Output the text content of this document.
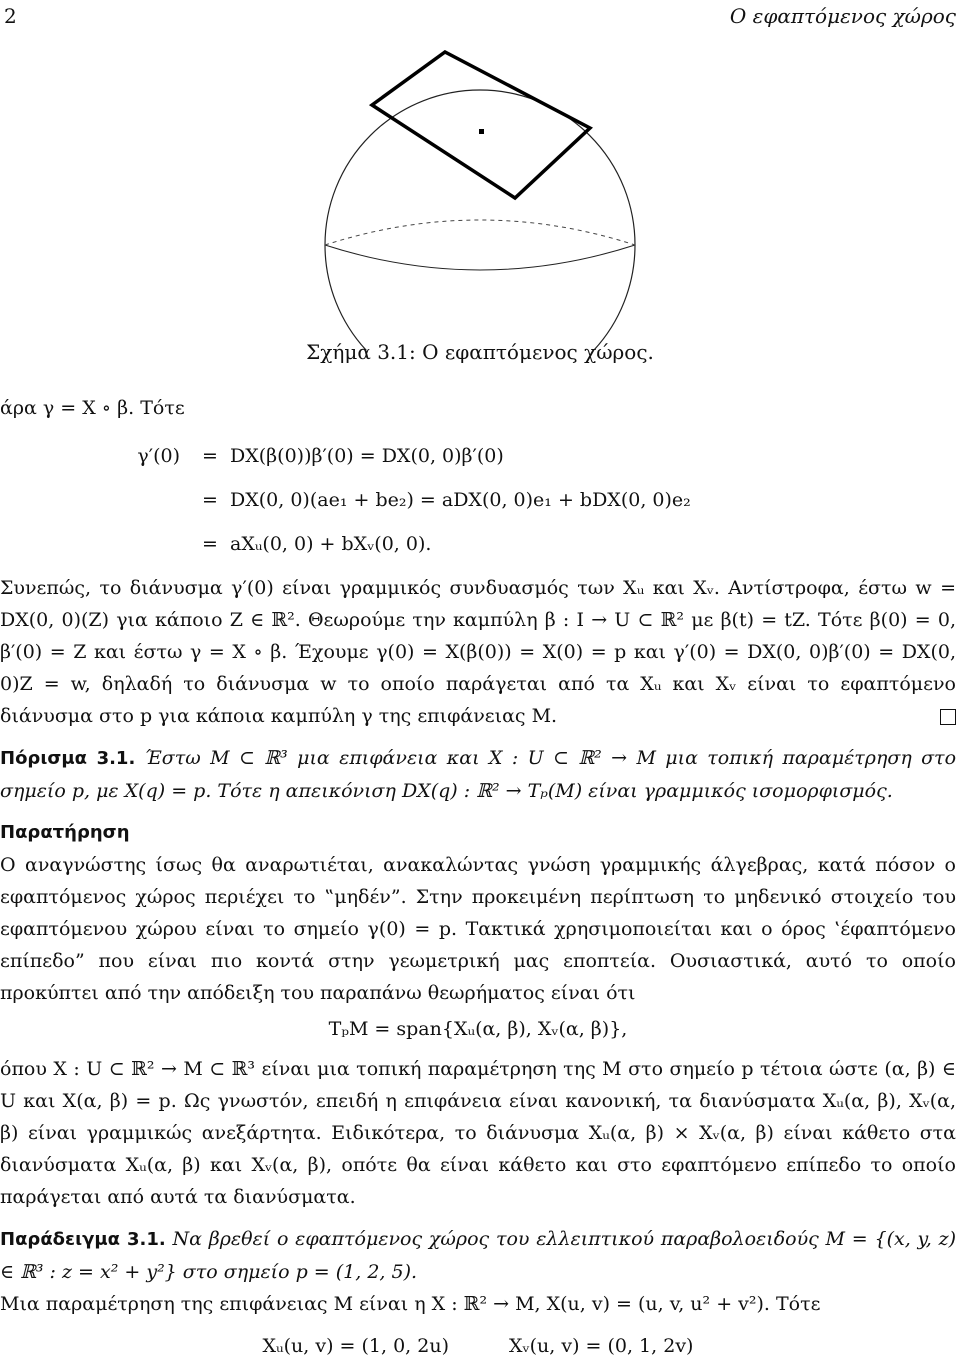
2	Ο εφαπτόμενος χώρος
Σχήμα 3.1: Ο εφαπτόμενος χώρος.

άρα γ = X ∘ β. Τότε

γ′(0)	= DX(β(0))β′(0) = DX(0, 0)β′(0)
= DX(0, 0)(ae₁ + be₂) = aDX(0, 0)e₁ + bDX(0, 0)e₂
= aXᵤ(0, 0) + bXᵥ(0, 0).

Συνεπώς, το διάνυσμα γ′(0) είναι γραμμικός συνδυασμός των Xᵤ και Xᵥ. Αντίστροφα, έστω w = DX(0, 0)(Z) για κάποιο Z ∈ ℝ². Θεωρούμε την καμπύλη β : I → U ⊂ ℝ² με β(t) = tZ. Τότε β(0) = 0, β′(0) = Z και έστω γ = X ∘ β. Έχουμε γ(0) = X(β(0)) = X(0) = p και γ′(0) = DX(0, 0)β′(0) = DX(0, 0)Z = w, δηλαδή το διάνυσμα w το οποίο παράγεται από τα Xᵤ και Xᵥ είναι το εφαπτόμενο διάνυσμα στο p για κάποια καμπύλη γ της επιφάνειας M.

Πόρισμα 3.1. Έστω M ⊂ ℝ³ μια επιφάνεια και X : U ⊂ ℝ² → M μια τοπική παραμέτρηση στο σημείο p, με X(q) = p. Τότε η απεικόνιση DX(q) : ℝ² → Tₚ(M) είναι γραμμικός ισομορφισμός.

Παρατήρηση

Ο αναγνώστης ίσως θα αναρωτιέται, ανακαλώντας γνώση γραμμικής άλγεβρας, κατά πόσον ο εφαπτόμενος χώρος περιέχει το ‟μηδέν”. Στην προκειμένη περίπτωση το μηδενικό στοιχείο του εφαπτόμενου χώρου είναι το σημείο γ(0) = p. Τακτικά χρησιμοποιείται και ο όρος ‛έφαπτόμενο επίπεδο” που είναι πιο κοντά στην γεωμετρική μας εποπτεία. Ουσιαστικά, αυτό το οποίο προκύπτει από την απόδειξη του παραπάνω θεωρήματος είναι ότι

TₚM = span{Xᵤ(α, β), Xᵥ(α, β)},

όπου X : U ⊂ ℝ² → M ⊂ ℝ³ είναι μια τοπική παραμέτρηση της M στο σημείο p τέτοια ώστε (α, β) ∈ U και X(α, β) = p. Ως γνωστόν, επειδή η επιφάνεια είναι κανονική, τα διανύσματα Xᵤ(α, β), Xᵥ(α, β) είναι γραμμικώς ανεξάρτητα. Ειδικότερα, το διάνυσμα Xᵤ(α, β) × Xᵥ(α, β) είναι κάθετο στα διανύσματα Xᵤ(α, β) και Xᵥ(α, β), οπότε θα είναι κάθετο και στο εφαπτόμενο επίπεδο το οποίο παράγεται από αυτά τα διανύσματα.

Παράδειγμα 3.1. Να βρεθεί ο εφαπτόμενος χώρος του ελλειπτικού παραβολοειδούς M = {(x, y, z) ∈ ℝ³ : z = x² + y²} στο σημείο p = (1, 2, 5).

Μια παραμέτρηση της επιφάνειας M είναι η X : ℝ² → M, X(u, v) = (u, v, u² + v²). Τότε

Xᵤ(u, v) = (1, 0, 2u)	Xᵥ(u, v) = (0, 1, 2v)
